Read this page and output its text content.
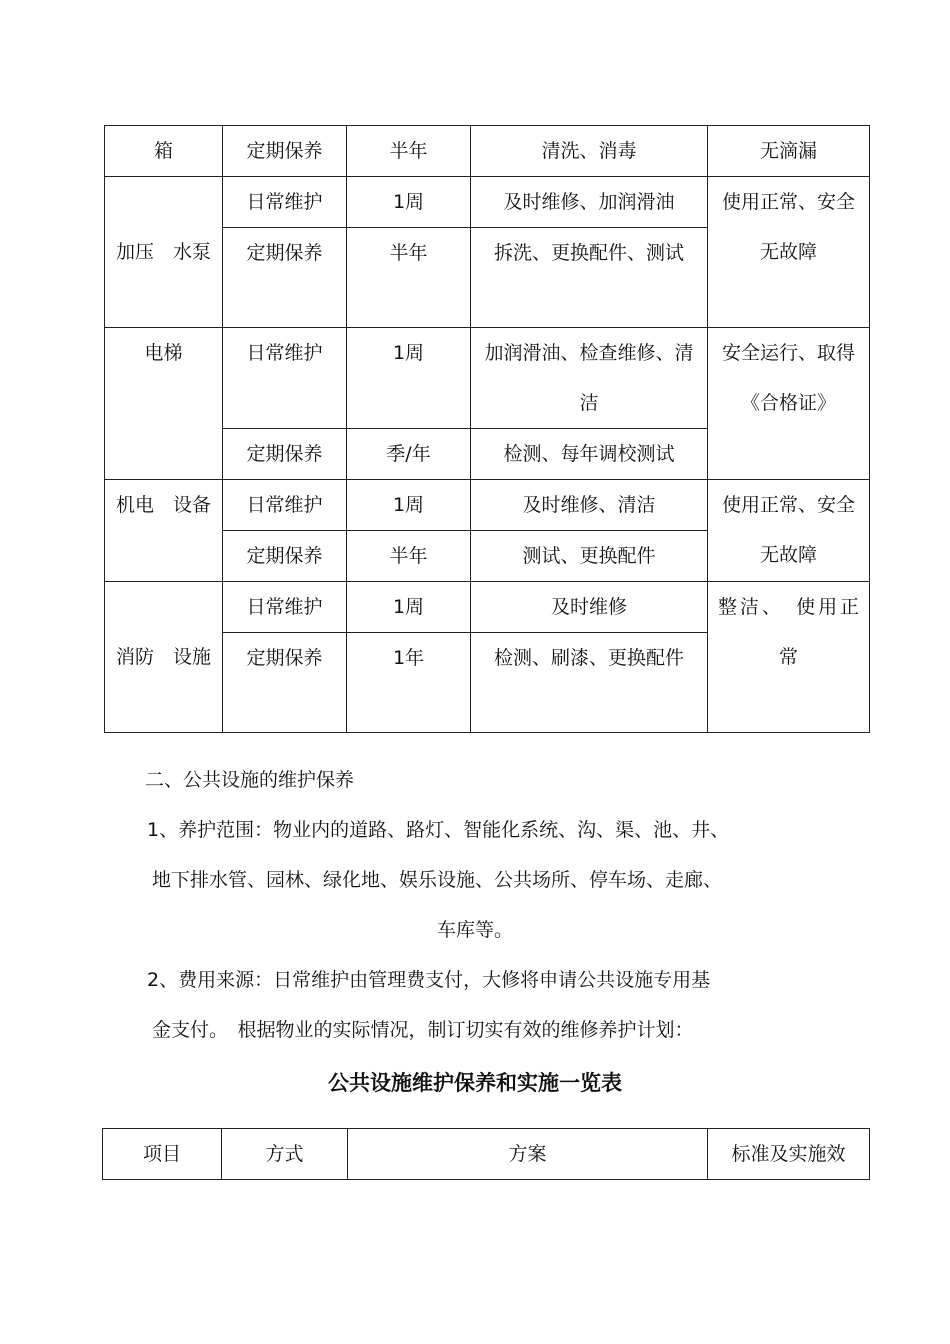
箱	定期保养	半年	清洗、消毒	无滴漏
加压　水泵	日常维护	1周	及时维修、加润滑油	使用正常、安全无故障
	定期保养	半年	拆洗、更换配件、测试	
电梯	日常维护	1周	加润滑油、检查维修、清洁	安全运行、取得《合格证》
	定期保养	季/年	检测、每年调校测试	
机电　设备	日常维护	1周	及时维修、清洁	使用正常、安全无故障
	定期保养	半年	测试、更换配件	
消防　设施	日常维护	1周	及时维修	整洁、　使用正常
	定期保养	1年	检测、刷漆、更换配件	
二、公共设施的维护保养
1、养护范围：物业内的道路、路灯、智能化系统、沟、渠、池、井、
地下排水管、园林、绿化地、娱乐设施、公共场所、停车场、走廊、
车库等。
2、费用来源：日常维护由管理费支付，大修将申请公共设施专用基
金支付。　根据物业的实际情况，制订切实有效的维修养护计划：
公共设施维护保养和实施一览表
项目	方式	方案	标准及实施效
